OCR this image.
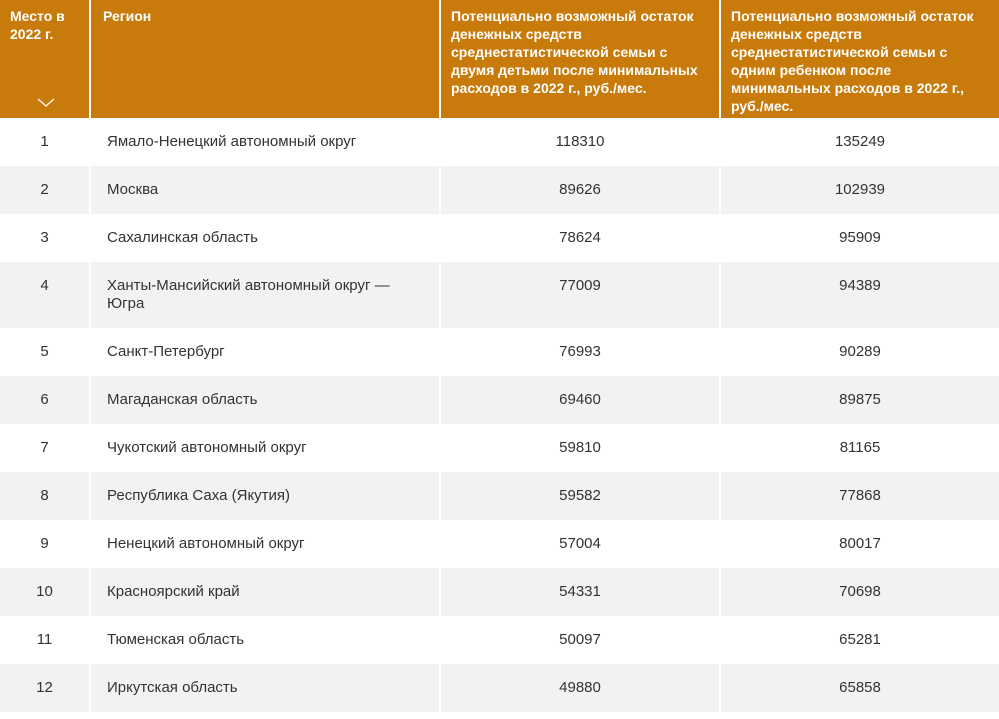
Место в 2022 г.	Регион	Потенциально возможный остаток денежных средств среднестатистической семьи с двумя детьми после минимальных расходов в 2022 г., руб./мес.	Потенциально возможный остаток денежных средств среднестатистической семьи с одним ребенком после минимальных расходов в 2022 г., руб./мес.
1	Ямало-Ненецкий автономный округ	118310	135249
2	Москва	89626	102939
3	Сахалинская область	78624	95909
4	Ханты-Мансийский автономный округ — Югра	77009	94389
5	Санкт-Петербург	76993	90289
6	Магаданская область	69460	89875
7	Чукотский автономный округ	59810	81165
8	Республика Саха (Якутия)	59582	77868
9	Ненецкий автономный округ	57004	80017
10	Красноярский край	54331	70698
11	Тюменская область	50097	65281
12	Иркутская область	49880	65858
